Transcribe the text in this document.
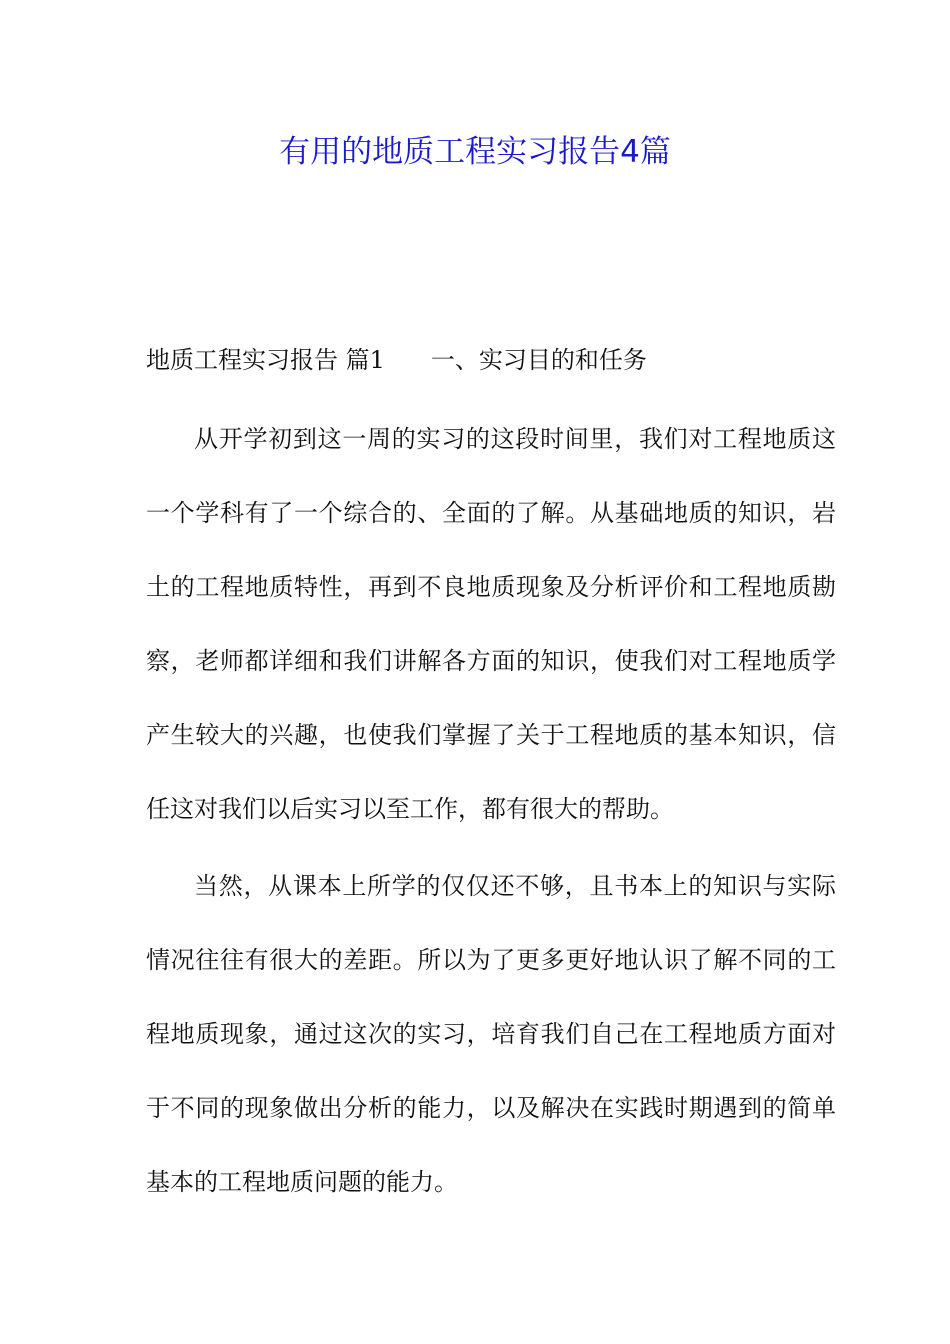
有用的地质工程实习报告4篇
地质工程实习报告 篇1 一、实习目的和任务

从开学初到这一周的实习的这段时间里，我们对工程地质这一个学科有了一个综合的、全面的了解。从基础地质的知识，岩土的工程地质特性，再到不良地质现象及分析评价和工程地质勘察，老师都详细和我们讲解各方面的知识，使我们对工程地质学产生较大的兴趣，也使我们掌握了关于工程地质的基本知识，信任这对我们以后实习以至工作，都有很大的帮助。

当然，从课本上所学的仅仅还不够，且书本上的知识与实际情况往往有很大的差距。所以为了更多更好地认识了解不同的工程地质现象，通过这次的实习，培育我们自己在工程地质方面对于不同的现象做出分析的能力，以及解决在实践时期遇到的简单基本的工程地质问题的能力。
